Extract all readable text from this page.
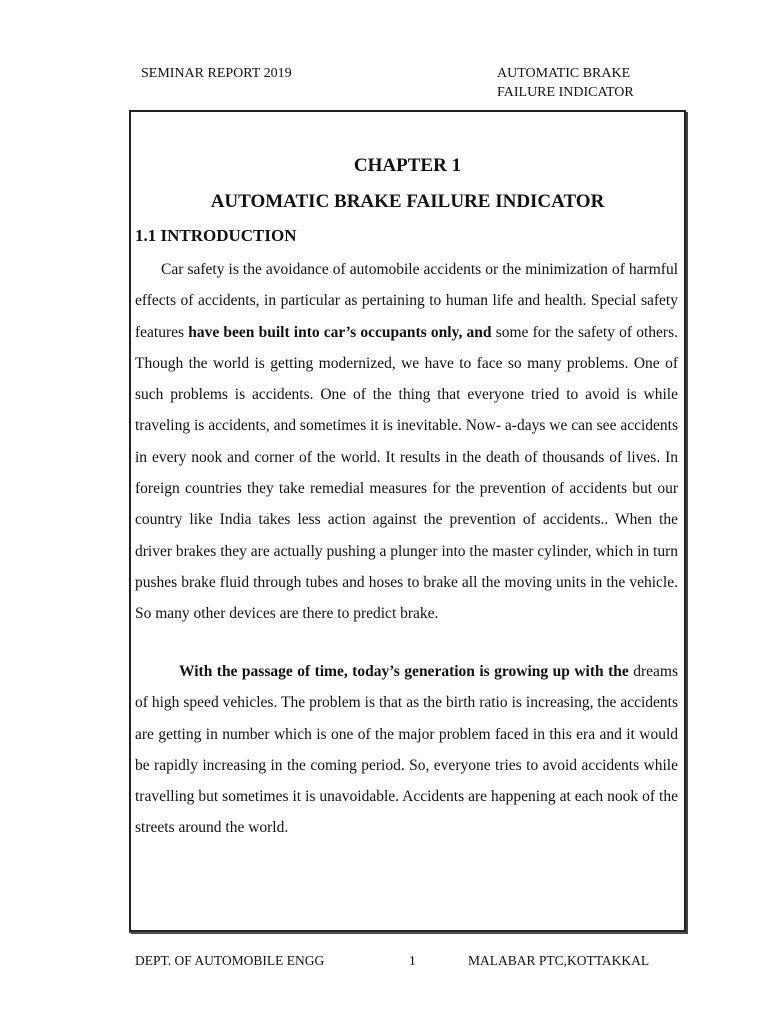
SEMINAR REPORT 2019	AUTOMATIC BRAKE
FAILURE INDICATOR
CHAPTER 1
AUTOMATIC BRAKE FAILURE INDICATOR
1.1 INTRODUCTION

Car safety is the avoidance of automobile accidents or the minimization of harmful effects of accidents, in particular as pertaining to human life and health. Special safety features have been built into car’s occupants only, and some for the safety of others. Though the world is getting modernized, we have to face so many problems. One of such problems is accidents. One of the thing that everyone tried to avoid is while traveling is accidents, and sometimes it is inevitable. Now- a-days we can see accidents in every nook and corner of the world. It results in the death of thousands of lives. In foreign countries they take remedial measures for the prevention of accidents but our country like India takes less action against the prevention of accidents.. When the driver brakes they are actually pushing a plunger into the master cylinder, which in turn pushes brake fluid through tubes and hoses to brake all the moving units in the vehicle. So many other devices are there to predict brake.

With the passage of time, today’s generation is growing up with the dreams of high speed vehicles. The problem is that as the birth ratio is increasing, the accidents are getting in number which is one of the major problem faced in this era and it would be rapidly increasing in the coming period. So, everyone tries to avoid accidents while travelling but sometimes it is unavoidable. Accidents are happening at each nook of the streets around the world.

DEPT. OF AUTOMOBILE ENGG	1	MALABAR PTC,KOTTAKKAL
